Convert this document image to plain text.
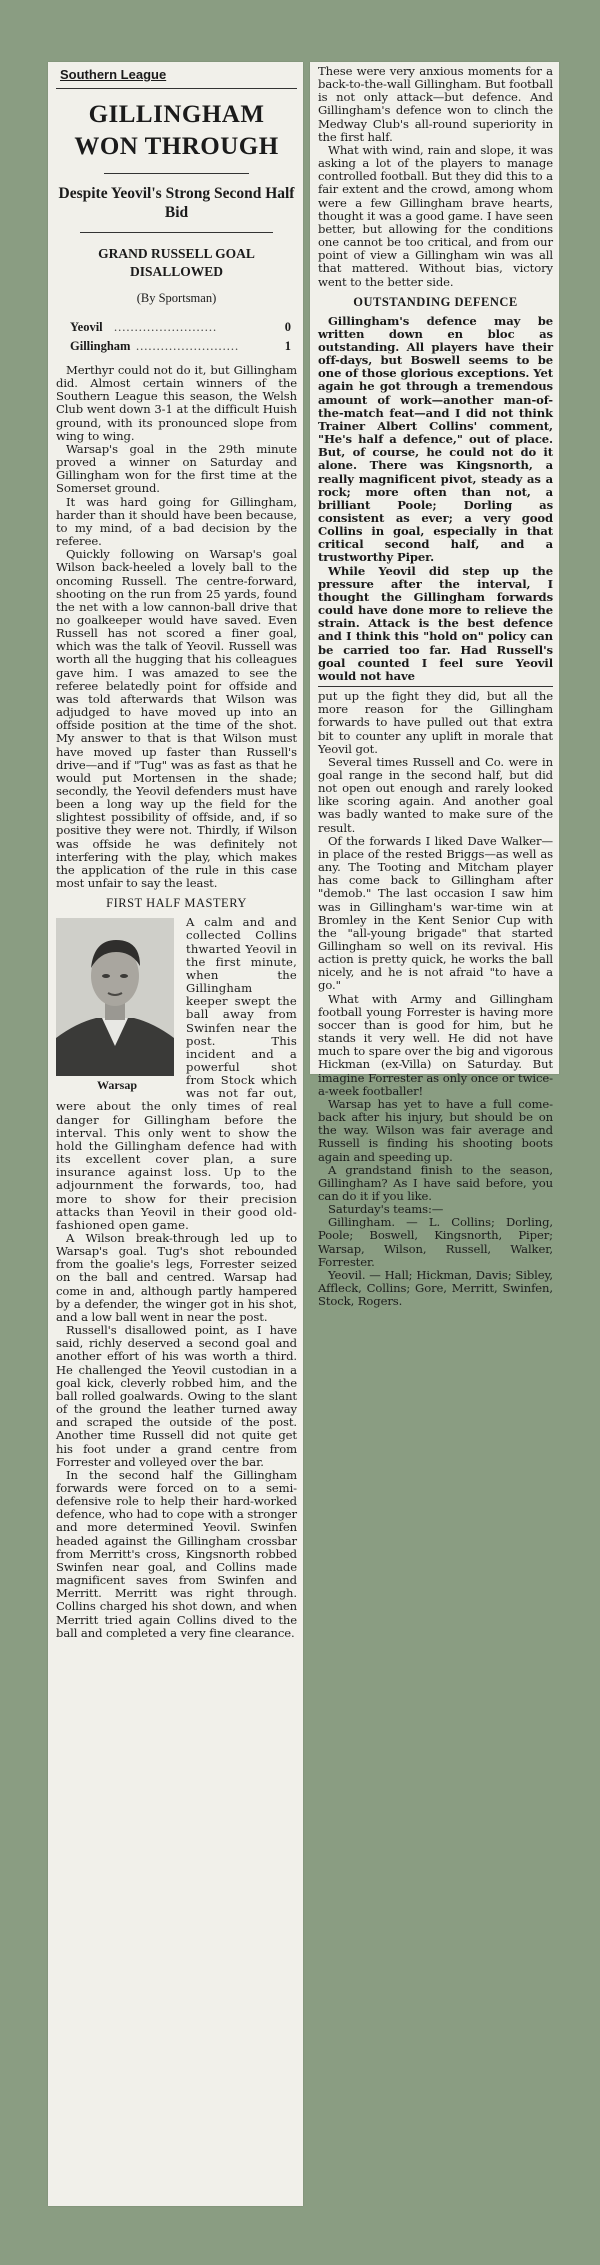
Southern League
GILLINGHAM
WON THROUGH
Despite Yeovil's Strong Second Half Bid
GRAND RUSSELL GOAL DISALLOWED
(By Sportsman)
Yeovil .........................	0
Gillingham .........................	1

Merthyr could not do it, but Gillingham did. Almost certain winners of the Southern League this season, the Welsh Club went down 3-1 at the difficult Huish ground, with its pronounced slope from wing to wing.

Warsap's goal in the 29th minute proved a winner on Saturday and Gillingham won for the first time at the Somerset ground.

It was hard going for Gillingham, harder than it should have been because, to my mind, of a bad decision by the referee.

Quickly following on Warsap's goal Wilson back-heeled a lovely ball to the oncoming Russell. The centre-forward, shooting on the run from 25 yards, found the net with a low cannon-ball drive that no goalkeeper would have saved. Even Russell has not scored a finer goal, which was the talk of Yeovil. Russell was worth all the hugging that his colleagues gave him. I was amazed to see the referee belatedly point for offside and was told afterwards that Wilson was adjudged to have moved up into an offside position at the time of the shot. My answer to that is that Wilson must have moved up faster than Russell's drive—and if "Tug" was as fast as that he would put Mortensen in the shade; secondly, the Yeovil defenders must have been a long way up the field for the slightest possibility of offside, and, if so positive they were not. Thirdly, if Wilson was offside he was definitely not interfering with the play, which makes the application of the rule in this case most unfair to say the least.

FIRST HALF MASTERY
Warsap

A calm and and collected Collins thwarted Yeovil in the first minute, when the Gillingham keeper swept the ball away from Swinfen near the post. This incident and a powerful shot from Stock which was not far out, were about the only times of real danger for Gillingham before the interval. This only went to show the hold the Gillingham defence had with its excellent cover plan, a sure insurance against loss. Up to the adjournment the forwards, too, had more to show for their precision attacks than Yeovil in their good old-fashioned open game.

A Wilson break-through led up to Warsap's goal. Tug's shot rebounded from the goalie's legs, Forrester seized on the ball and centred. Warsap had come in and, although partly hampered by a defender, the winger got in his shot, and a low ball went in near the post.

Russell's disallowed point, as I have said, richly deserved a second goal and another effort of his was worth a third. He challenged the Yeovil custodian in a goal kick, cleverly robbed him, and the ball rolled goalwards. Owing to the slant of the ground the leather turned away and scraped the outside of the post. Another time Russell did not quite get his foot under a grand centre from Forrester and volleyed over the bar.

In the second half the Gillingham forwards were forced on to a semi-defensive role to help their hard-worked defence, who had to cope with a stronger and more determined Yeovil. Swinfen headed against the Gillingham crossbar from Merritt's cross, Kingsnorth robbed Swinfen near goal, and Collins made magnificent saves from Swinfen and Merritt. Merritt was right through. Collins charged his shot down, and when Merritt tried again Collins dived to the ball and completed a very fine clearance.

These were very anxious moments for a back-to-the-wall Gillingham. But football is not only attack—but defence. And Gillingham's defence won to clinch the Medway Club's all-round superiority in the first half.

What with wind, rain and slope, it was asking a lot of the players to manage controlled football. But they did this to a fair extent and the crowd, among whom were a few Gillingham brave hearts, thought it was a good game. I have seen better, but allowing for the conditions one cannot be too critical, and from our point of view a Gillingham win was all that mattered. Without bias, victory went to the better side.

OUTSTANDING DEFENCE

Gillingham's defence may be written down en bloc as outstanding. All players have their off-days, but Boswell seems to be one of those glorious exceptions. Yet again he got through a tremendous amount of work—another man-of-the-match feat—and I did not think Trainer Albert Collins' comment, "He's half a defence," out of place. But, of course, he could not do it alone. There was Kingsnorth, a really magnificent pivot, steady as a rock; more often than not, a brilliant Poole; Dorling as consistent as ever; a very good Collins in goal, especially in that critical second half, and a trustworthy Piper.

While Yeovil did step up the pressure after the interval, I thought the Gillingham forwards could have done more to relieve the strain. Attack is the best defence and I think this "hold on" policy can be carried too far. Had Russell's goal counted I feel sure Yeovil would not have

put up the fight they did, but all the more reason for the Gillingham forwards to have pulled out that extra bit to counter any uplift in morale that Yeovil got.

Several times Russell and Co. were in goal range in the second half, but did not open out enough and rarely looked like scoring again. And another goal was badly wanted to make sure of the result.

Of the forwards I liked Dave Walker—in place of the rested Briggs—as well as any. The Tooting and Mitcham player has come back to Gillingham after "demob." The last occasion I saw him was in Gillingham's war-time win at Bromley in the Kent Senior Cup with the "all-young brigade" that started Gillingham so well on its revival. His action is pretty quick, he works the ball nicely, and he is not afraid "to have a go."

What with Army and Gillingham football young Forrester is having more soccer than is good for him, but he stands it very well. He did not have much to spare over the big and vigorous Hickman (ex-Villa) on Saturday. But imagine Forrester as only once or twice-a-week footballer!

Warsap has yet to have a full come-back after his injury, but should be on the way. Wilson was fair average and Russell is finding his shooting boots again and speeding up.

A grandstand finish to the season, Gillingham? As I have said before, you can do it if you like.

Saturday's teams:—

Gillingham. — L. Collins; Dorling, Poole; Boswell, Kingsnorth, Piper; Warsap, Wilson, Russell, Walker, Forrester.

Yeovil. — Hall; Hickman, Davis; Sibley, Affleck, Collins; Gore, Merritt, Swinfen, Stock, Rogers.
